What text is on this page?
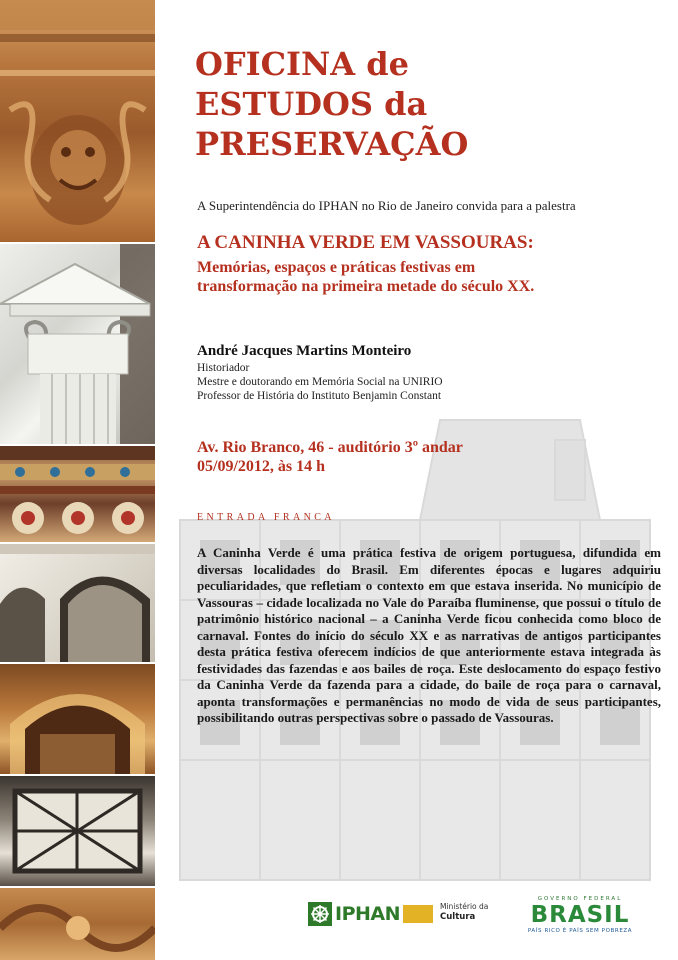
OFICINA de
ESTUDOS da
PRESERVAÇÃO
A Superintendência do IPHAN no Rio de Janeiro convida para a palestra
A CANINHA VERDE EM VASSOURAS:
Memórias, espaços e práticas festivas em
transformação na primeira metade do século XX.
André Jacques Martins Monteiro
Historiador
Mestre e doutorando em Memória Social na UNIRIO
Professor de História do Instituto Benjamin Constant
Av. Rio Branco, 46 - auditório 3º andar
05/09/2012, às 14 h
ENTRADA FRANCA

A Caninha Verde é uma prática festiva de origem portuguesa, difundida em diversas localidades do Brasil. Em diferentes épocas e lugares adquiriu peculiaridades, que refletiam o contexto em que estava inserida. No município de Vassouras – cidade localizada no Vale do Paraíba fluminense, que possui o título de patrimônio histórico nacional – a Caninha Verde ficou conhecida como bloco de carnaval. Fontes do início do século XX e as narrativas de antigos participantes desta prática festiva oferecem indícios de que anteriormente estava integrada às festividades das fazendas e aos bailes de roça. Este deslocamento do espaço festivo da Caninha Verde da fazenda para a cidade, do baile de roça para o carnaval, aponta transformações e permanências no modo de vida de seus participantes, possibilitando outras perspectivas sobre o passado de Vassouras.

IPHAN	Ministério da
Cultura
GOVERNO FEDERAL
BRASIL
PAÍS RICO É PAÍS SEM POBREZA
